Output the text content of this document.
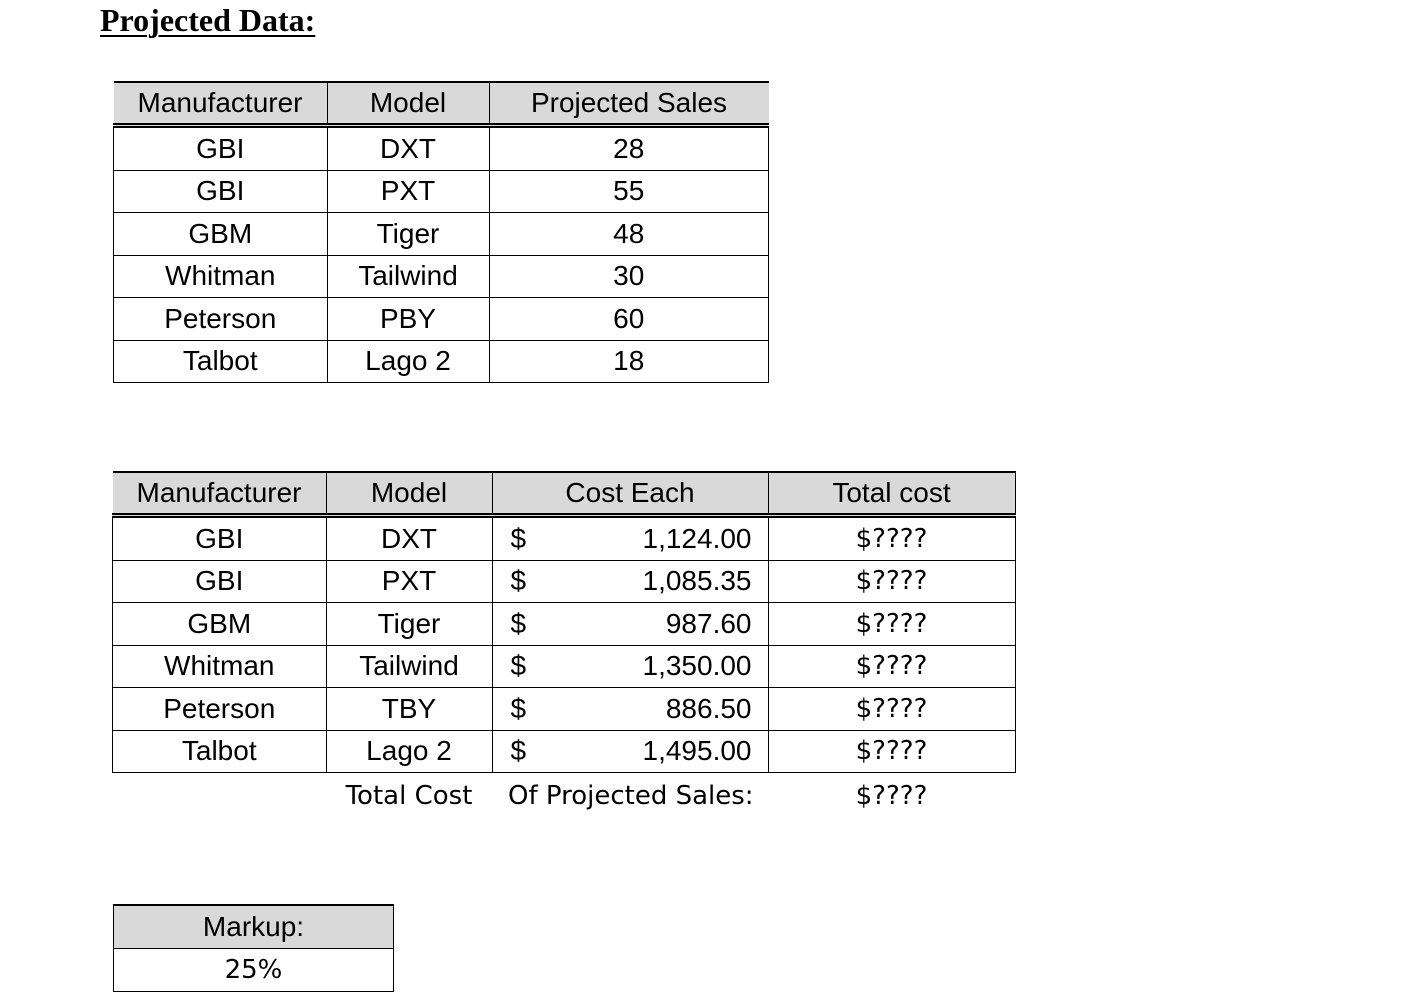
Projected Data:
Manufacturer	Model	Projected Sales
GBI	DXT	28
GBI	PXT	55
GBM	Tiger	48
Whitman	Tailwind	30
Peterson	PBY	60
Talbot	Lago 2	18
Manufacturer	Model	Cost Each	Total cost
GBI	DXT	$ 1,124.00	$????
GBI	PXT	$ 1,085.35	$????
GBM	Tiger	$ 987.60	$????
Whitman	Tailwind	$ 1,350.00	$????
Peterson	TBY	$ 886.50	$????
Talbot	Lago 2	$ 1,495.00	$????
	Total Cost	Of Projected Sales:	$????
Markup:
25%
